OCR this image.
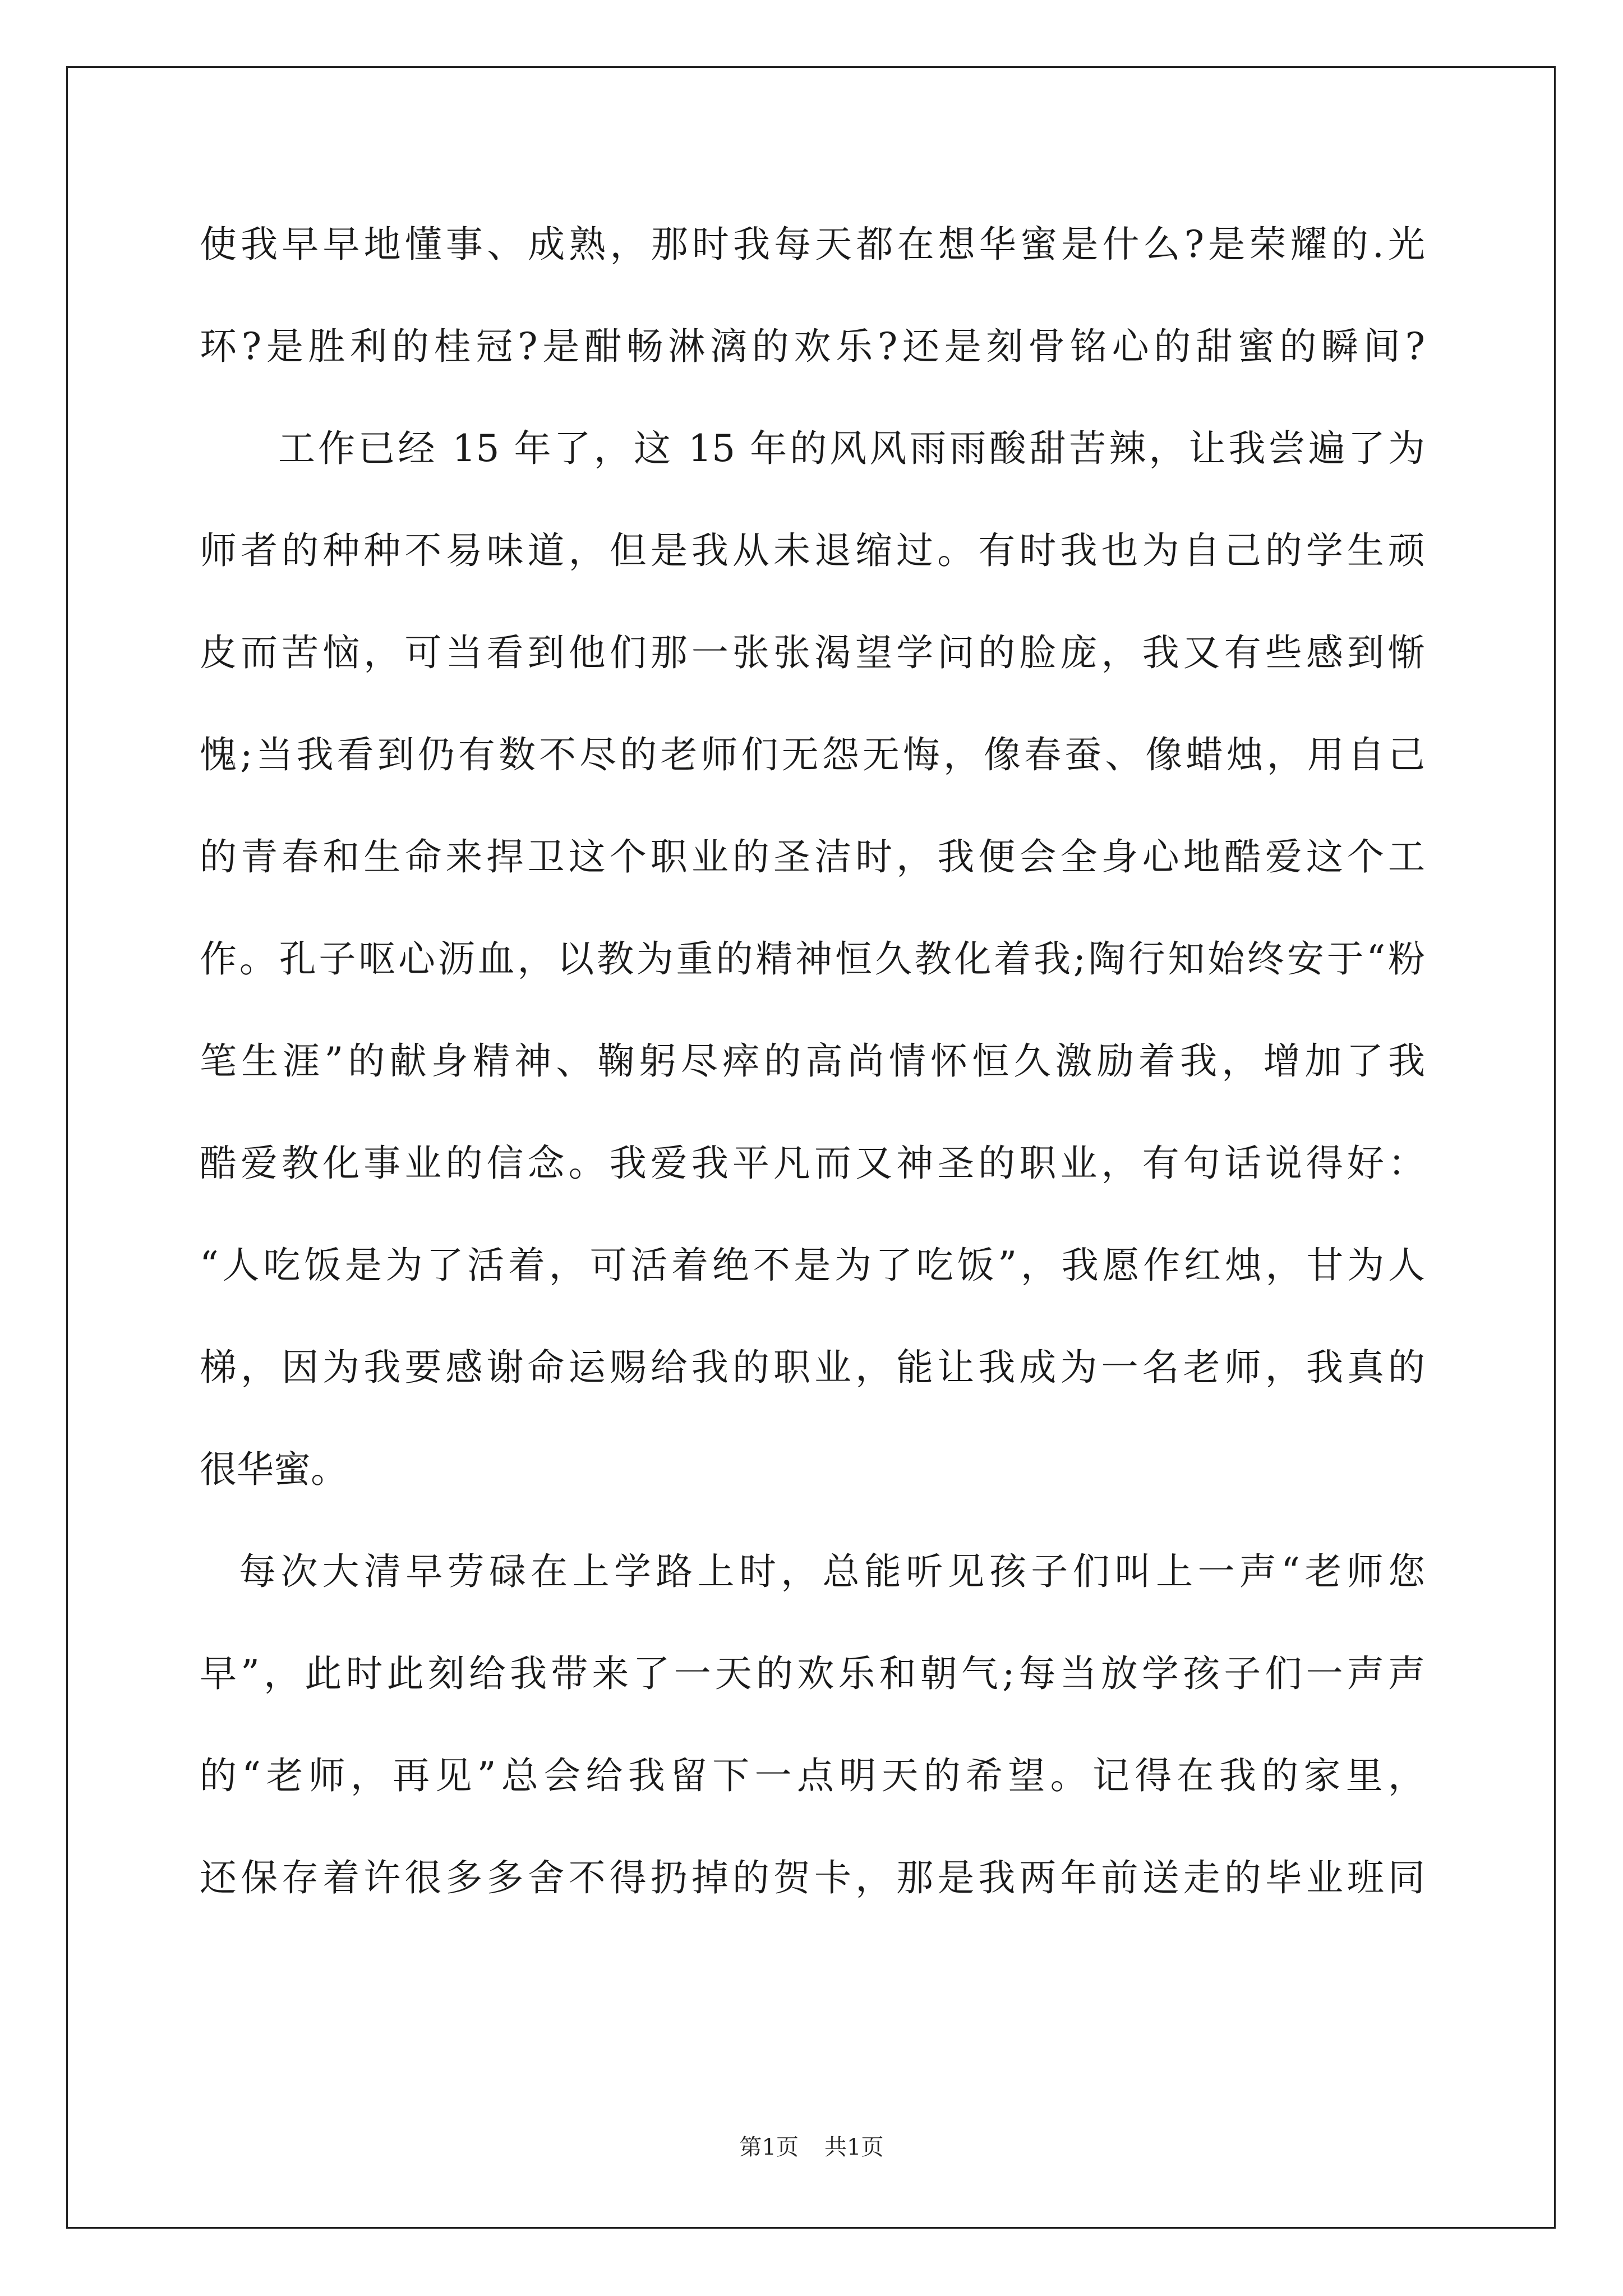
使我早早地懂事、成熟，那时我每天都在想华蜜是什么?是荣耀的.光
环?是胜利的桂冠?是酣畅淋漓的欢乐?还是刻骨铭心的甜蜜的瞬间?
工作已经 15 年了，这 15 年的风风雨雨酸甜苦辣，让我尝遍了为
师者的种种不易味道，但是我从未退缩过。有时我也为自己的学生顽
皮而苦恼，可当看到他们那一张张渴望学问的脸庞，我又有些感到惭
愧;当我看到仍有数不尽的老师们无怨无悔，像春蚕、像蜡烛，用自己
的青春和生命来捍卫这个职业的圣洁时，我便会全身心地酷爱这个工
作。孔子呕心沥血，以教为重的精神恒久教化着我;陶行知始终安于“粉
笔生涯”的献身精神、鞠躬尽瘁的高尚情怀恒久激励着我，增加了我
酷爱教化事业的信念。我爱我平凡而又神圣的职业，有句话说得好：
“人吃饭是为了活着，可活着绝不是为了吃饭”，我愿作红烛，甘为人
梯，因为我要感谢命运赐给我的职业，能让我成为一名老师，我真的
很华蜜。
每次大清早劳碌在上学路上时，总能听见孩子们叫上一声“老师您
早”，此时此刻给我带来了一天的欢乐和朝气;每当放学孩子们一声声
的“老师，再见”总会给我留下一点明天的希望。记得在我的家里，
还保存着许很多多舍不得扔掉的贺卡，那是我两年前送走的毕业班同
第1页 共1页
